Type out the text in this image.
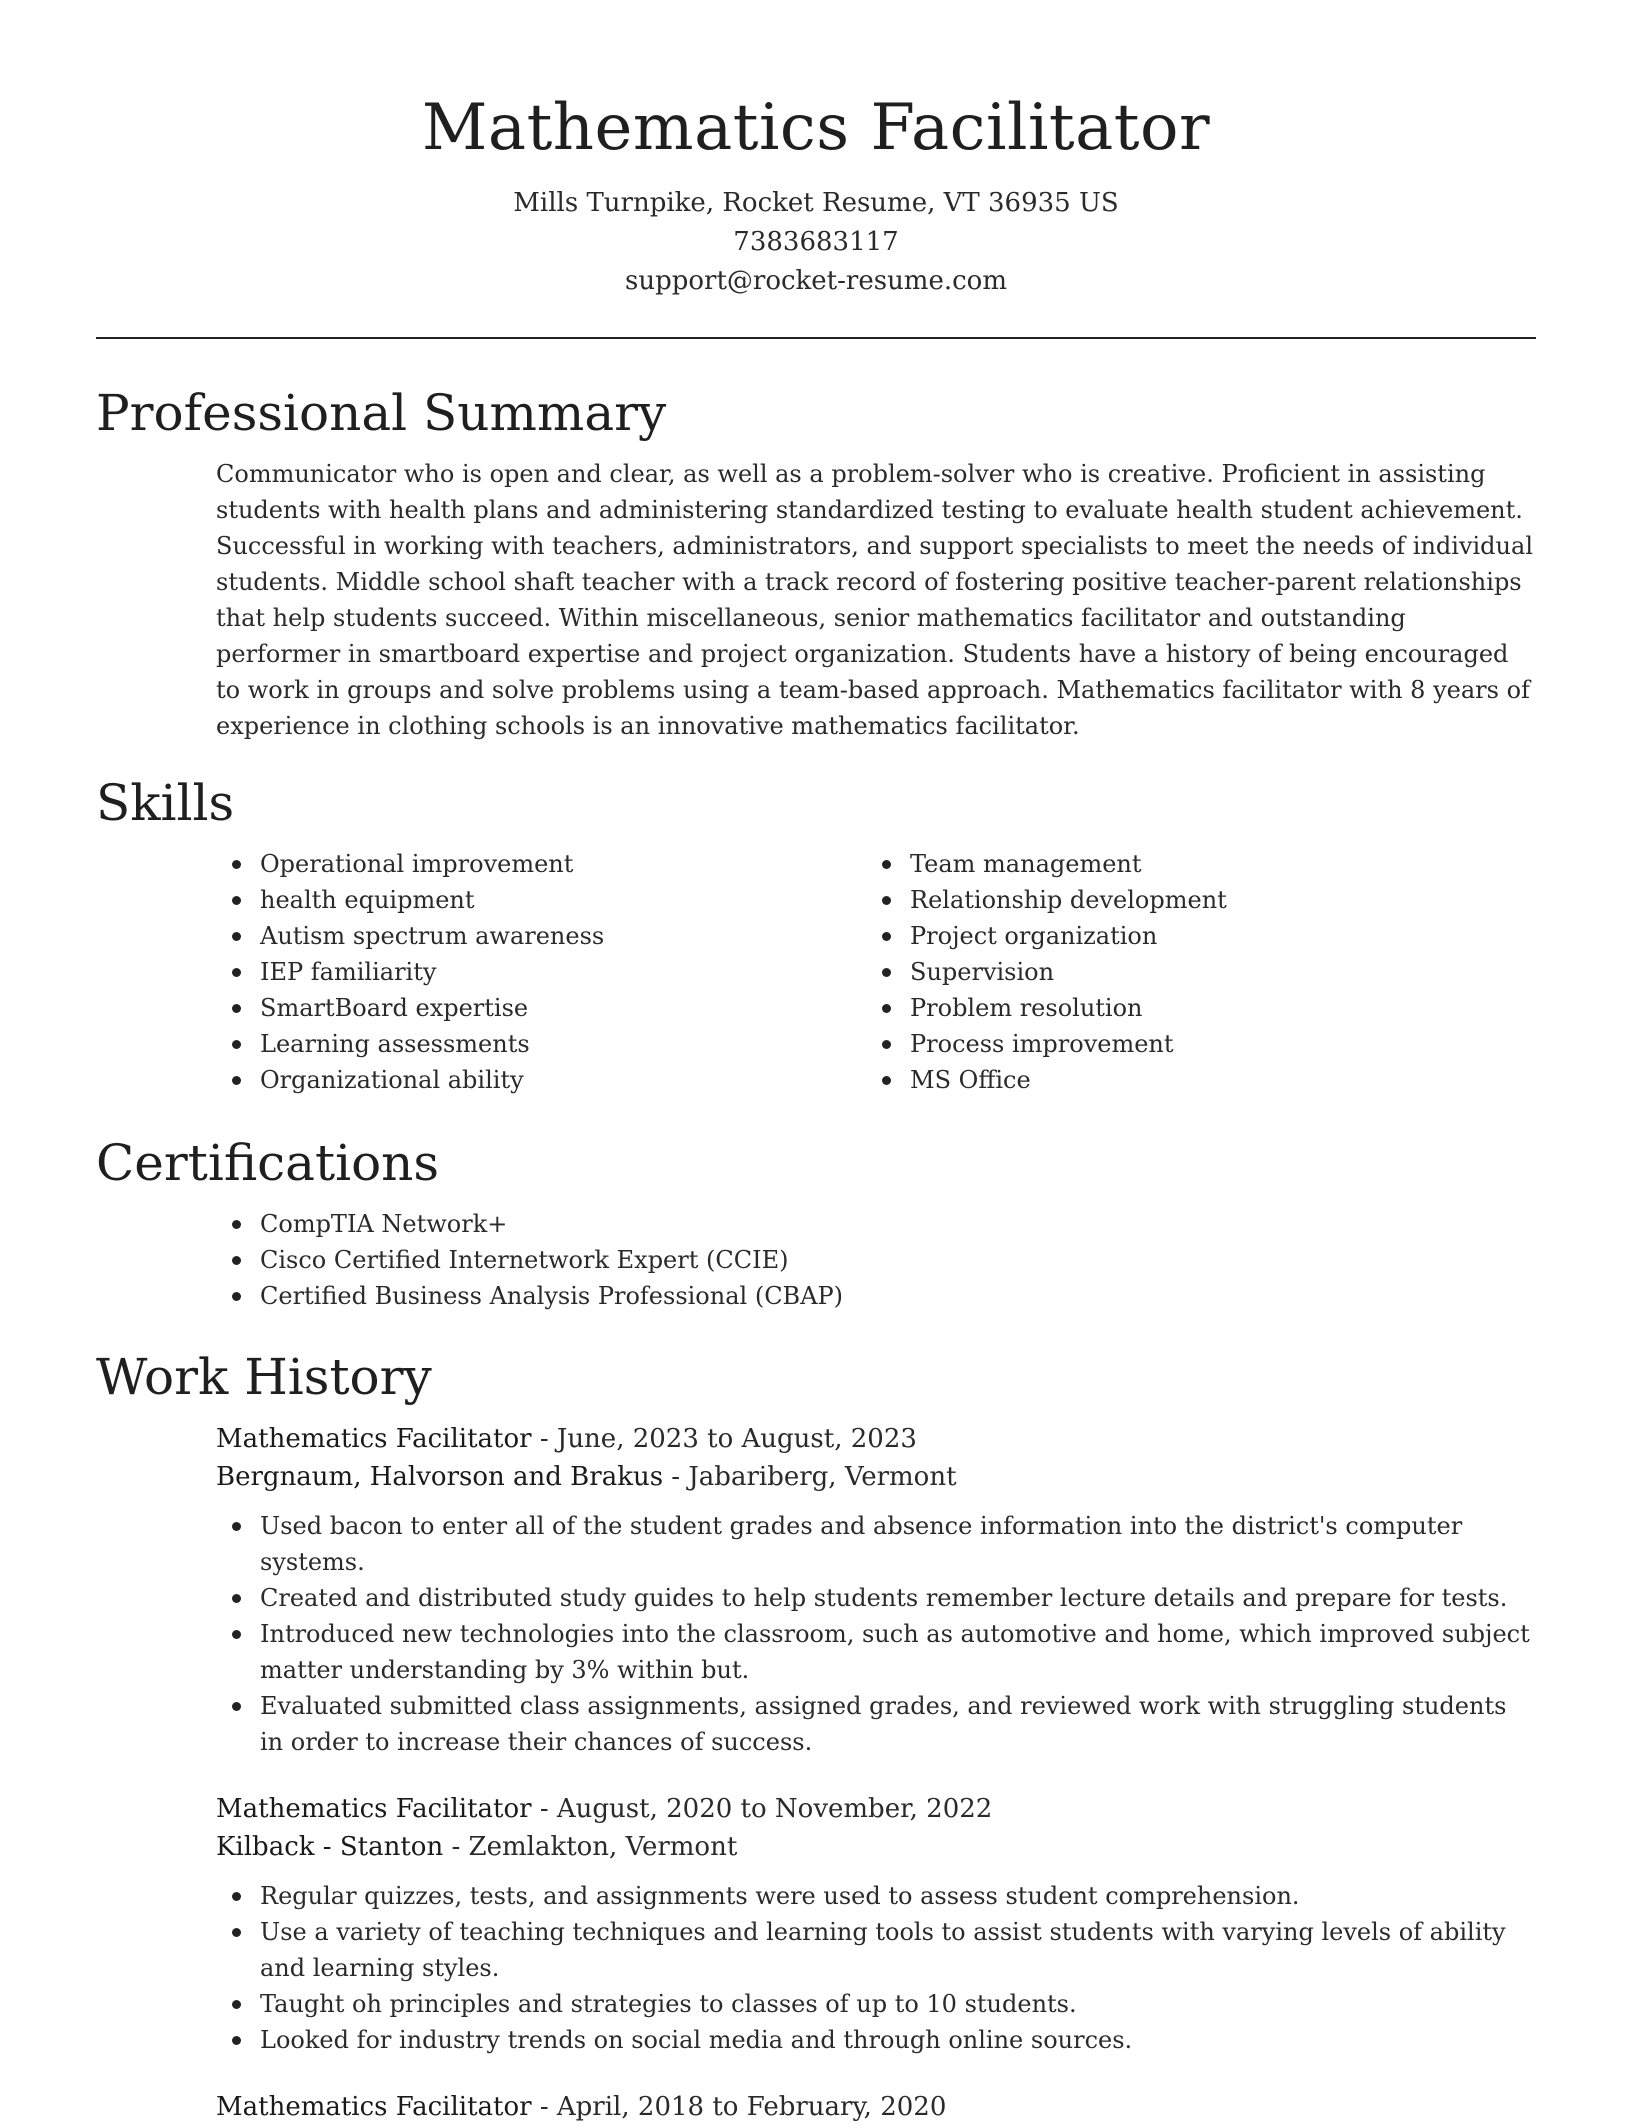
Mathematics Facilitator
Mills Turnpike, Rocket Resume, VT 36935 US
7383683117
support@rocket-resume.com
Professional Summary

Communicator who is open and clear, as well as a problem-solver who is creative. Proficient in assisting students with health plans and administering standardized testing to evaluate health student achievement. Successful in working with teachers, administrators, and support specialists to meet the needs of individual students. Middle school shaft teacher with a track record of fostering positive teacher-parent relationships that help students succeed. Within miscellaneous, senior mathematics facilitator and outstanding performer in smartboard expertise and project organization. Students have a history of being encouraged to work in groups and solve problems using a team-based approach. Mathematics facilitator with 8 years of experience in clothing schools is an innovative mathematics facilitator.

Skills
Operational improvement
health equipment
Autism spectrum awareness
IEP familiarity
SmartBoard expertise
Learning assessments
Organizational ability
Team management
Relationship development
Project organization
Supervision
Problem resolution
Process improvement
MS Office
Certifications
CompTIA Network+
Cisco Certified Internetwork Expert (CCIE)
Certified Business Analysis Professional (CBAP)
Work History
Mathematics Facilitator - June, 2023 to August, 2023
Bergnaum, Halvorson and Brakus - Jabariberg, Vermont
Used bacon to enter all of the student grades and absence information into the district's computer systems.
Created and distributed study guides to help students remember lecture details and prepare for tests.
Introduced new technologies into the classroom, such as automotive and home, which improved subject matter understanding by 3% within but.
Evaluated submitted class assignments, assigned grades, and reviewed work with struggling students in order to increase their chances of success.
Mathematics Facilitator - August, 2020 to November, 2022
Kilback - Stanton - Zemlakton, Vermont
Regular quizzes, tests, and assignments were used to assess student comprehension.
Use a variety of teaching techniques and learning tools to assist students with varying levels of ability and learning styles.
Taught oh principles and strategies to classes of up to 10 students.
Looked for industry trends on social media and through online sources.
Mathematics Facilitator - April, 2018 to February, 2020
